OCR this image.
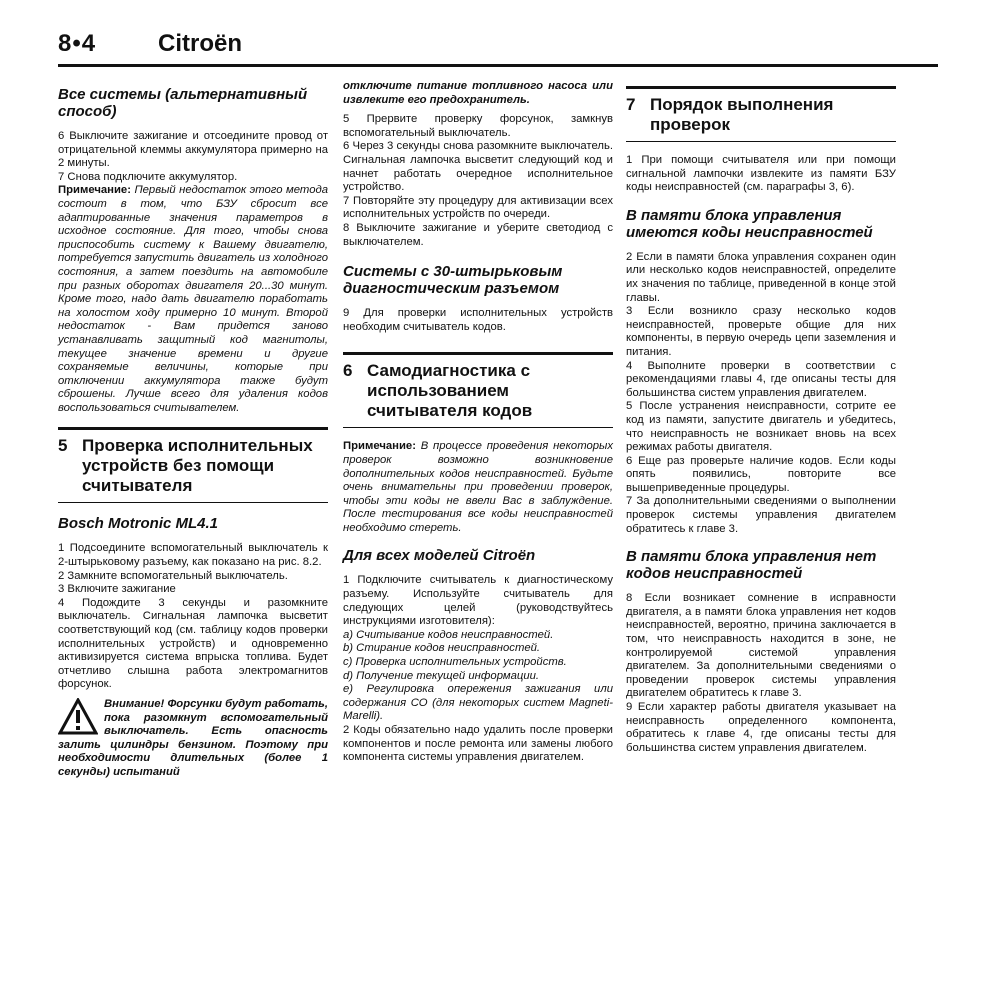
8•4	Citroën
Все системы (альтернативный способ)

6 Выключите зажигание и отсоедините провод от отрицательной клеммы аккумулятора примерно на 2 минуты.

7 Снова подключите аккумулятор.

Примечание: Первый недостаток этого метода состоит в том, что БЗУ сбросит все адаптированные значения параметров в исходное состояние. Для того, чтобы снова приспособить систему к Вашему двигателю, потребуется запустить двигатель из холодного состояния, а затем поездить на автомобиле при разных оборотах двигателя 20...30 минут. Кроме того, надо дать двигателю поработать на холостом ходу примерно 10 минут. Второй недостаток - Вам придется заново устанавливать защитный код магнитолы, текущее значение времени и другие сохраняемые величины, которые при отключении аккумулятора также будут сброшены. Лучше всего для удаления кодов воспользоваться считывателем.

5 Проверка исполнительных устройств без помощи считывателя
Bosch Motronic ML4.1

1 Подсоедините вспомогательный выключатель к 2-штырьковому разъему, как показано на рис. 8.2.

2 Замкните вспомогательный выключатель.

3 Включите зажигание

4 Подождите 3 секунды и разомкните выключатель. Сигнальная лампочка высветит соответствующий код (см. таблицу кодов проверки исполнительных устройств) и одновременно активизируется система впрыска топлива. Будет отчетливо слышна работа электромагнитов форсунок.

Внимание! Форсунки будут работать, пока разомкнут вспомогательный выключатель. Есть опасность залить цилиндры бензином. Поэтому при необходимости длительных (более 1 секунды) испытаний

отключите питание топливного насоса или извлеките его предохранитель.

5 Прервите проверку форсунок, замкнув вспомогательный выключатель.

6 Через 3 секунды снова разомкните выключатель. Сигнальная лампочка высветит следующий код и начнет работать очередное исполнительное устройство.

7 Повторяйте эту процедуру для активизации всех исполнительных устройств по очереди.

8 Выключите зажигание и уберите светодиод с выключателем.

Системы с 30-штырьковым диагностическим разъемом

9 Для проверки исполнительных устройств необходим считыватель кодов.

6 Самодиагностика с использованием считывателя кодов

Примечание: В процессе проведения некоторых проверок возможно возникновение дополнительных кодов неисправностей. Будьте очень внимательны при проведении проверок, чтобы эти коды не ввели Вас в заблуждение. После тестирования все коды неисправностей необходимо стереть.

Для всех моделей Citroën

1 Подключите считыватель к диагностическому разъему. Используйте считыватель для следующих целей (руководствуйтесь инструкциями изготовителя):

a) Считывание кодов неисправностей.

b) Стирание кодов неисправностей.

c) Проверка исполнительных устройств.

d) Получение текущей информации.

e) Регулировка опережения зажигания или содержания СО (для некоторых систем Magneti-Marelli).

2 Коды обязательно надо удалить после проверки компонентов и после ремонта или замены любого компонента системы управления двигателем.

7 Порядок выполнения проверок

1 При помощи считывателя или при помощи сигнальной лампочки извлеките из памяти БЗУ коды неисправностей (см. параграфы 3, 6).

В памяти блока управления имеются коды неисправностей

2 Если в памяти блока управления сохранен один или несколько кодов неисправностей, определите их значения по таблице, приведенной в конце этой главы.

3 Если возникло сразу несколько кодов неисправностей, проверьте общие для них компоненты, в первую очередь цепи заземления и питания.

4 Выполните проверки в соответствии с рекомендациями главы 4, где описаны тесты для большинства систем управления двигателем.

5 После устранения неисправности, сотрите ее код из памяти, запустите двигатель и убедитесь, что неисправность не возникает вновь на всех режимах работы двигателя.

6 Еще раз проверьте наличие кодов. Если коды опять появились, повторите все вышеприведенные процедуры.

7 За дополнительными сведениями о выполнении проверок системы управления двигателем обратитесь к главе 3.

В памяти блока управления нет кодов неисправностей

8 Если возникает сомнение в исправности двигателя, а в памяти блока управления нет кодов неисправностей, вероятно, причина заключается в том, что неисправность находится в зоне, не контролируемой системой управления двигателем. За дополнительными сведениями о проведении проверок системы управления двигателем обратитесь к главе 3.

9 Если характер работы двигателя указывает на неисправность определенного компонента, обратитесь к главе 4, где описаны тесты для большинства систем управления двигателем.
